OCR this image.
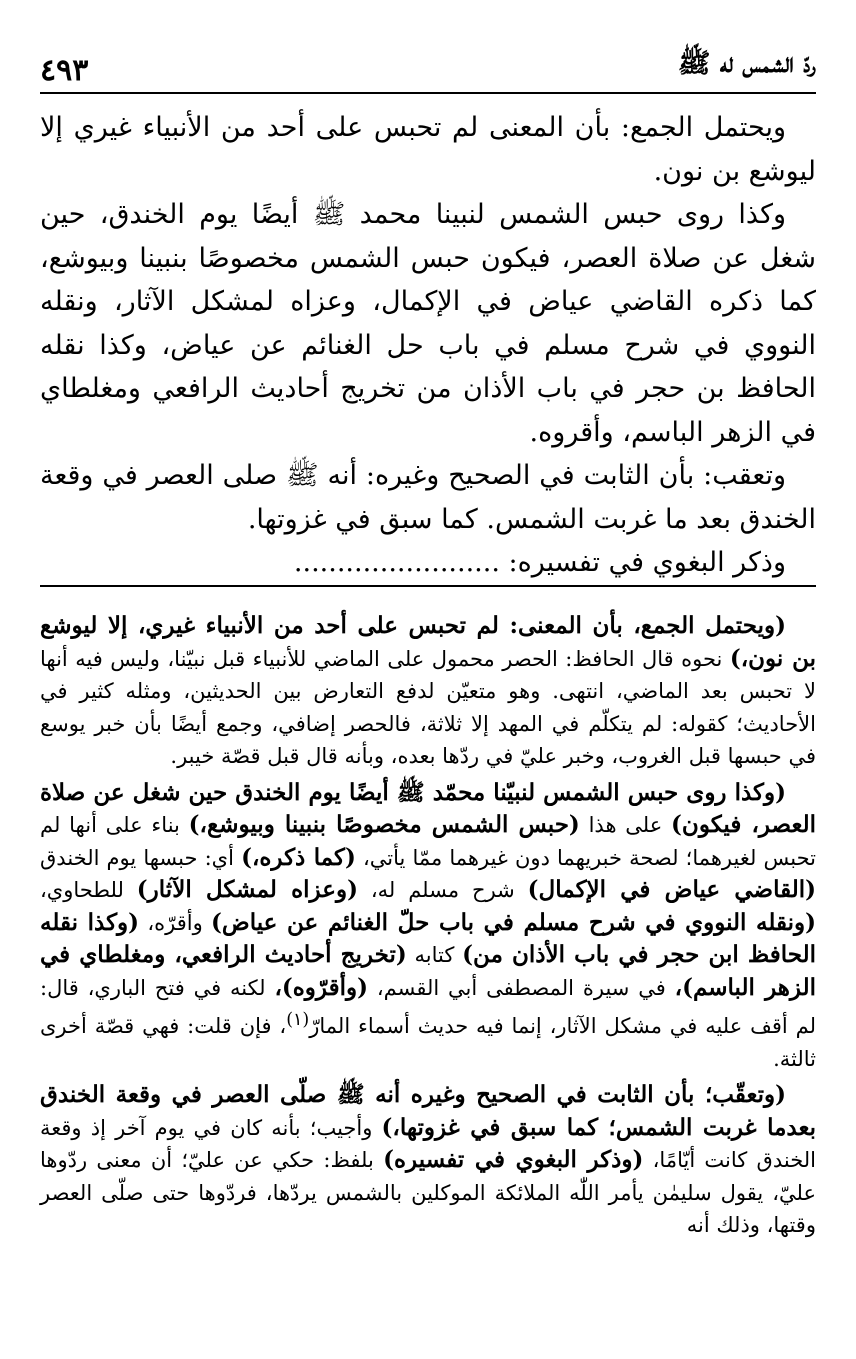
ردّ الشمس له ﷺ
٤٩٣

ويحتمل الجمع: بأن المعنى لم تحبس على أحد من الأنبياء غيري إلا ليوشع بن نون.

وكذا روى حبس الشمس لنبينا محمد ﷺ أيضًا يوم الخندق، حين شغل عن صلاة العصر، فيكون حبس الشمس مخصوصًا بنبينا وبيوشع، كما ذكره القاضي عياض في الإكمال، وعزاه لمشكل الآثار، ونقله النووي في شرح مسلم في باب حل الغنائم عن عياض، وكذا نقله الحافظ بن حجر في باب الأذان من تخريج أحاديث الرافعي ومغلطاي في الزهر الباسم، وأقروه.

وتعقب: بأن الثابت في الصحيح وغيره: أنه ﷺ صلى العصر في وقعة الخندق بعد ما غربت الشمس. كما سبق في غزوتها.

وذكر البغوي في تفسيره: ........................

(ويحتمل الجمع، بأن المعنى: لم تحبس على أحد من الأنبياء غيري، إلا ليوشع بن نون،) نحوه قال الحافظ: الحصر محمول على الماضي للأنبياء قبل نبيّنا، وليس فيه أنها لا تحبس بعد الماضي، انتهى. وهو متعيّن لدفع التعارض بين الحديثين، ومثله كثير في الأحاديث؛ كقوله: لم يتكلّم في المهد إلا ثلاثة، فالحصر إضافي، وجمع أيضًا بأن خبر يوسع في حبسها قبل الغروب، وخبر عليّ في ردّها بعده، وبأنه قال قبل قصّة خيبر.

(وكذا روى حبس الشمس لنبيّنا محمّد ﷺ أيضًا يوم الخندق حين شغل عن صلاة العصر، فيكون) على هذا (حبس الشمس مخصوصًا بنبينا وبيوشع،) بناء على أنها لم تحبس لغيرهما؛ لصحة خبريهما دون غيرهما ممّا يأتي، (كما ذكره،) أي: حبسها يوم الخندق (القاضي عياض في الإكمال) شرح مسلم له، (وعزاه لمشكل الآثار) للطحاوي، (ونقله النووي في شرح مسلم في باب حلّ الغنائم عن عياض) وأقرّه، (وكذا نقله الحافظ ابن حجر في باب الأذان من) كتابه (تخريج أحاديث الرافعي، ومغلطاي في الزهر الباسم)، في سيرة المصطفى أبي القسم، (وأقرّوه)، لكنه في فتح الباري، قال: لم أقف عليه في مشكل الآثار، إنما فيه حديث أسماء المارّ$^{(١)}$، فإن قلت: فهي قصّة أخرى ثالثة.

(وتعقّب؛ بأن الثابت في الصحيح وغيره أنه ﷺ صلّى العصر في وقعة الخندق بعدما غربت الشمس؛ كما سبق في غزوتها،) وأجيب؛ بأنه كان في يوم آخر إذ وقعة الخندق كانت أيّامًا، (وذكر البغوي في تفسيره) بلفظ: حكي عن عليّ؛ أن معنى ردّوها عليّ، يقول سليمٰن يأمر اللّٰه الملائكة الموكلين بالشمس يردّها، فردّوها حتى صلّى العصر وقتها، وذلك أنه
